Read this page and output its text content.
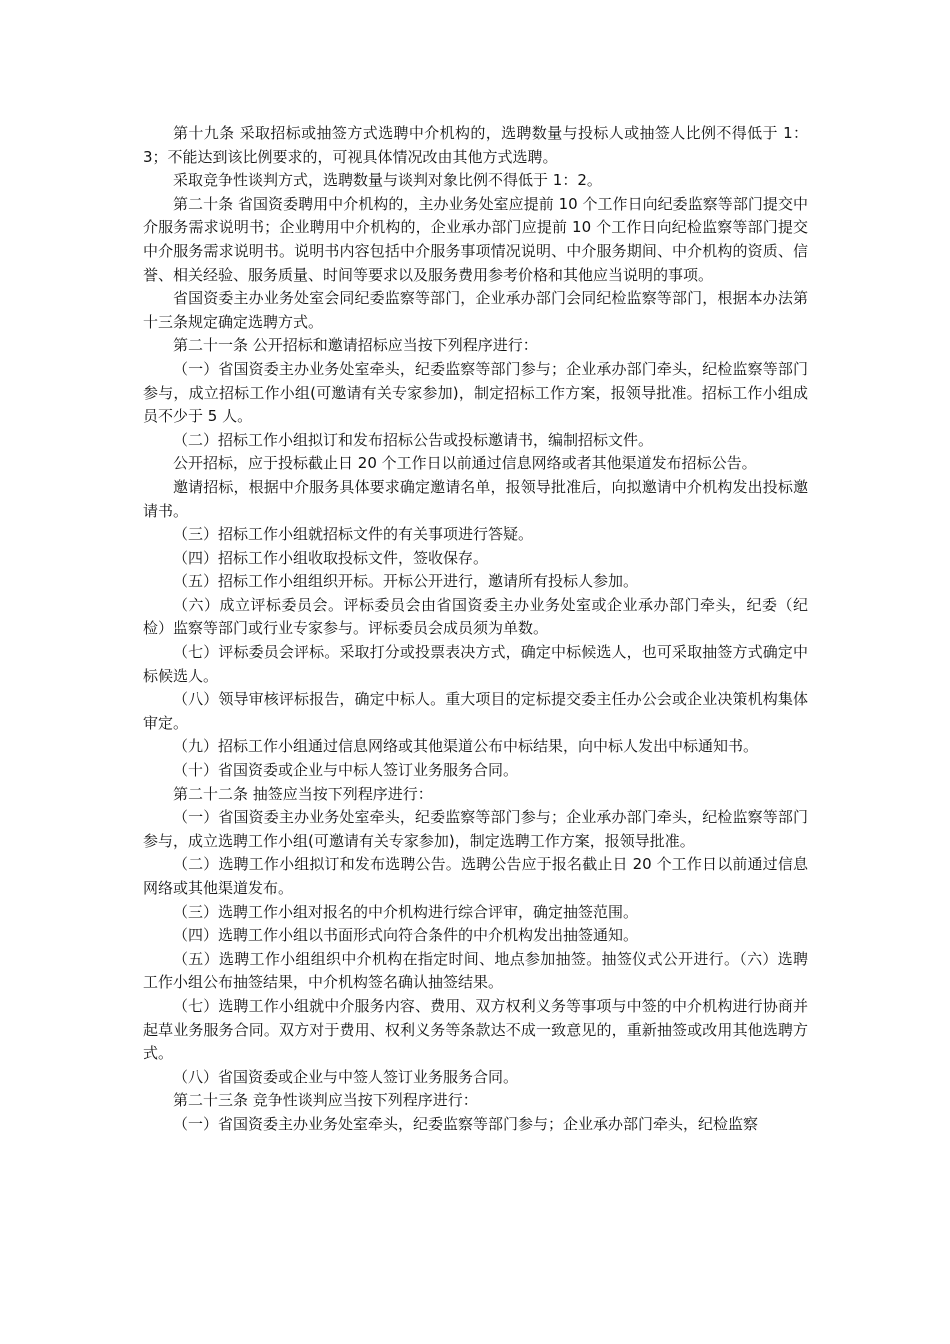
第十九条 采取招标或抽签方式选聘中介机构的，选聘数量与投标人或抽签人比例不得低于 1：3；不能达到该比例要求的，可视具体情况改由其他方式选聘。

采取竞争性谈判方式，选聘数量与谈判对象比例不得低于 1：2。

第二十条 省国资委聘用中介机构的，主办业务处室应提前 10 个工作日向纪委监察等部门提交中介服务需求说明书；企业聘用中介机构的，企业承办部门应提前 10 个工作日向纪检监察等部门提交中介服务需求说明书。说明书内容包括中介服务事项情况说明、中介服务期间、中介机构的资质、信誉、相关经验、服务质量、时间等要求以及服务费用参考价格和其他应当说明的事项。

省国资委主办业务处室会同纪委监察等部门，企业承办部门会同纪检监察等部门，根据本办法第十三条规定确定选聘方式。

第二十一条 公开招标和邀请招标应当按下列程序进行：

（一）省国资委主办业务处室牵头，纪委监察等部门参与；企业承办部门牵头，纪检监察等部门参与，成立招标工作小组(可邀请有关专家参加)，制定招标工作方案，报领导批准。招标工作小组成员不少于 5 人。

（二）招标工作小组拟订和发布招标公告或投标邀请书，编制招标文件。

公开招标，应于投标截止日 20 个工作日以前通过信息网络或者其他渠道发布招标公告。

邀请招标，根据中介服务具体要求确定邀请名单，报领导批准后，向拟邀请中介机构发出投标邀请书。

（三）招标工作小组就招标文件的有关事项进行答疑。

（四）招标工作小组收取投标文件，签收保存。

（五）招标工作小组组织开标。开标公开进行，邀请所有投标人参加。

（六）成立评标委员会。评标委员会由省国资委主办业务处室或企业承办部门牵头，纪委（纪检）监察等部门或行业专家参与。评标委员会成员须为单数。

（七）评标委员会评标。采取打分或投票表决方式，确定中标候选人，也可采取抽签方式确定中标候选人。

（八）领导审核评标报告，确定中标人。重大项目的定标提交委主任办公会或企业决策机构集体审定。

（九）招标工作小组通过信息网络或其他渠道公布中标结果，向中标人发出中标通知书。

（十）省国资委或企业与中标人签订业务服务合同。

第二十二条 抽签应当按下列程序进行：

（一）省国资委主办业务处室牵头，纪委监察等部门参与；企业承办部门牵头，纪检监察等部门参与，成立选聘工作小组(可邀请有关专家参加)，制定选聘工作方案，报领导批准。

（二）选聘工作小组拟订和发布选聘公告。选聘公告应于报名截止日 20 个工作日以前通过信息网络或其他渠道发布。

（三）选聘工作小组对报名的中介机构进行综合评审，确定抽签范围。

（四）选聘工作小组以书面形式向符合条件的中介机构发出抽签通知。

（五）选聘工作小组组织中介机构在指定时间、地点参加抽签。抽签仪式公开进行。（六）选聘工作小组公布抽签结果，中介机构签名确认抽签结果。

（七）选聘工作小组就中介服务内容、费用、双方权利义务等事项与中签的中介机构进行协商并起草业务服务合同。双方对于费用、权利义务等条款达不成一致意见的，重新抽签或改用其他选聘方式。

（八）省国资委或企业与中签人签订业务服务合同。

第二十三条 竞争性谈判应当按下列程序进行：

（一）省国资委主办业务处室牵头，纪委监察等部门参与；企业承办部门牵头，纪检监察
